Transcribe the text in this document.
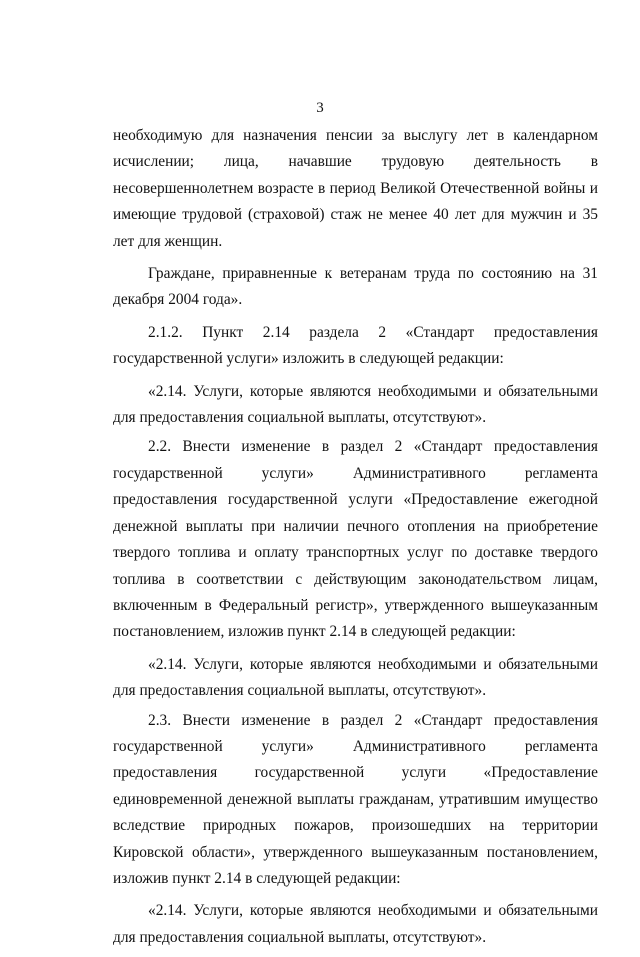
3

необходимую для назначения пенсии за выслугу лет в календарном исчислении; лица, начавшие трудовую деятельность в несовершеннолетнем возрасте в период Великой Отечественной войны и имеющие трудовой (страховой) стаж не менее 40 лет для мужчин и 35 лет для женщин.

Граждане, приравненные к ветеранам труда по состоянию на 31 декабря 2004 года».

2.1.2. Пункт 2.14 раздела 2 «Стандарт предоставления государственной услуги» изложить в следующей редакции:

«2.14. Услуги, которые являются необходимыми и обязательными для предоставления социальной выплаты, отсутствуют».

2.2. Внести изменение в раздел 2 «Стандарт предоставления государственной услуги» Административного регламента предоставления государственной услуги «Предоставление ежегодной денежной выплаты при наличии печного отопления на приобретение твердого топлива и оплату транспортных услуг по доставке твердого топлива в соответствии с действующим законодательством лицам, включенным в Федеральный регистр», утвержденного вышеуказанным постановлением, изложив пункт 2.14 в следующей редакции:

«2.14. Услуги, которые являются необходимыми и обязательными для предоставления социальной выплаты, отсутствуют».

2.3. Внести изменение в раздел 2 «Стандарт предоставления государственной услуги» Административного регламента предоставления государственной услуги «Предоставление единовременной денежной выплаты гражданам, утратившим имущество вследствие природных пожаров, произошедших на территории Кировской области», утвержденного вышеуказанным постановлением, изложив пункт 2.14 в следующей редакции:

«2.14. Услуги, которые являются необходимыми и обязательными для предоставления социальной выплаты, отсутствуют».
